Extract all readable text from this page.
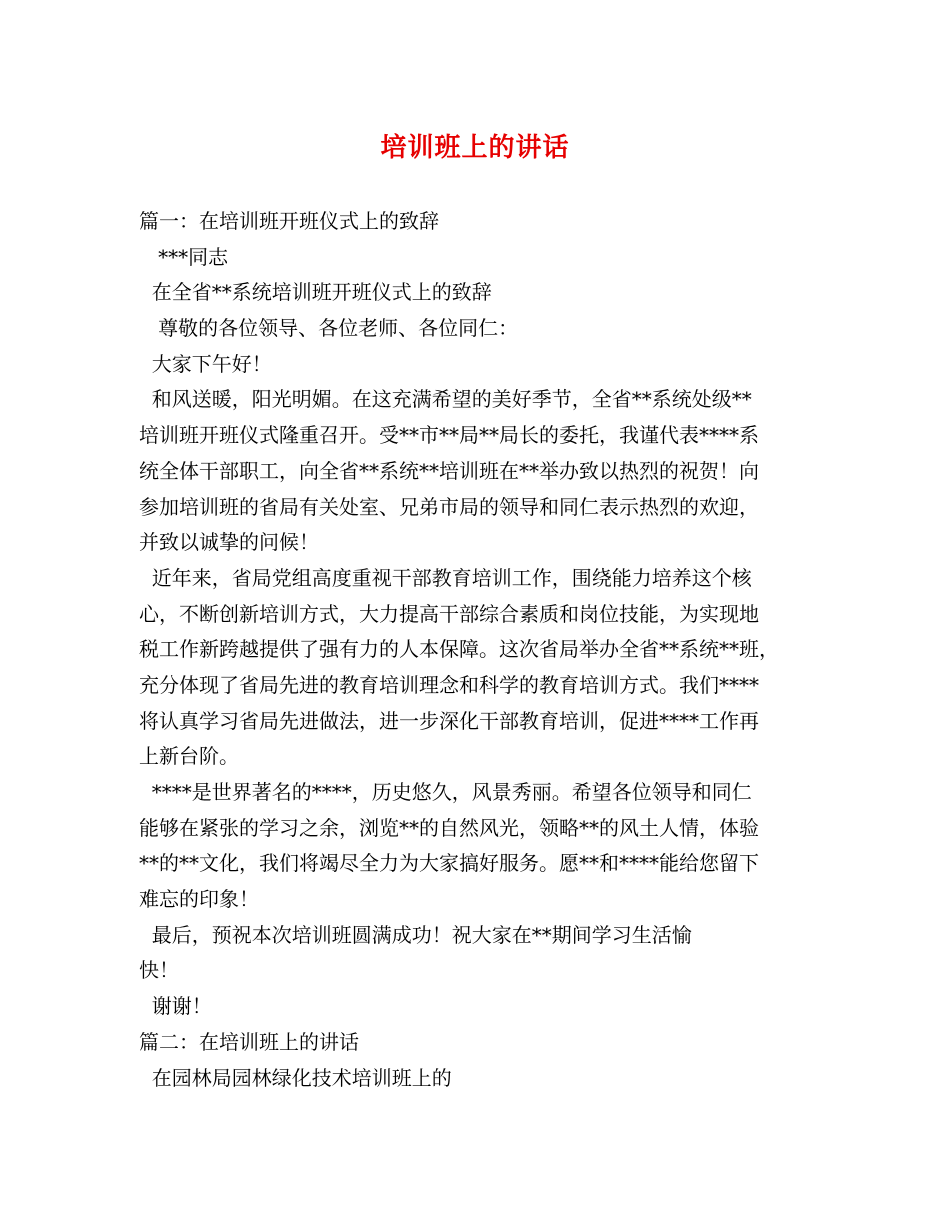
培训班上的讲话
篇一：在培训班开班仪式上的致辞
***同志
在全省**系统培训班开班仪式上的致辞
尊敬的各位领导、各位老师、各位同仁：
大家下午好！
和风送暖，阳光明媚。在这充满希望的美好季节，全省**系统处级**
培训班开班仪式隆重召开。受**市**局**局长的委托，我谨代表****系
统全体干部职工，向全省**系统**培训班在**举办致以热烈的祝贺！向
参加培训班的省局有关处室、兄弟市局的领导和同仁表示热烈的欢迎，
并致以诚挚的问候！
近年来，省局党组高度重视干部教育培训工作，围绕能力培养这个核
心，不断创新培训方式，大力提高干部综合素质和岗位技能，为实现地
税工作新跨越提供了强有力的人本保障。这次省局举办全省**系统**班，
充分体现了省局先进的教育培训理念和科学的教育培训方式。我们****
将认真学习省局先进做法，进一步深化干部教育培训，促进****工作再
上新台阶。
****是世界著名的****，历史悠久，风景秀丽。希望各位领导和同仁
能够在紧张的学习之余，浏览**的自然风光，领略**的风土人情，体验
**的**文化，我们将竭尽全力为大家搞好服务。愿**和****能给您留下
难忘的印象！
最后，预祝本次培训班圆满成功！祝大家在**期间学习生活愉
快！
谢谢！
篇二：在培训班上的讲话
在园林局园林绿化技术培训班上的
